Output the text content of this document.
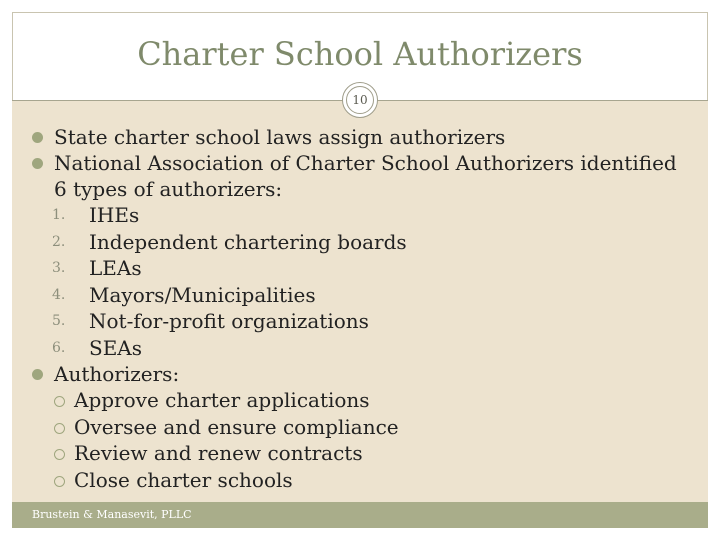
Charter School Authorizers
10
State charter school laws assign authorizers
National Association of Charter School Authorizers identified 6 types of authorizers:
1. IHEs
2. Independent chartering boards
3. LEAs
4. Mayors/Municipalities
5. Not-for-profit organizations
6. SEAs
Authorizers:
Approve charter applications
Oversee and ensure compliance
Review and renew contracts
Close charter schools
Brustein & Manasevit, PLLC
